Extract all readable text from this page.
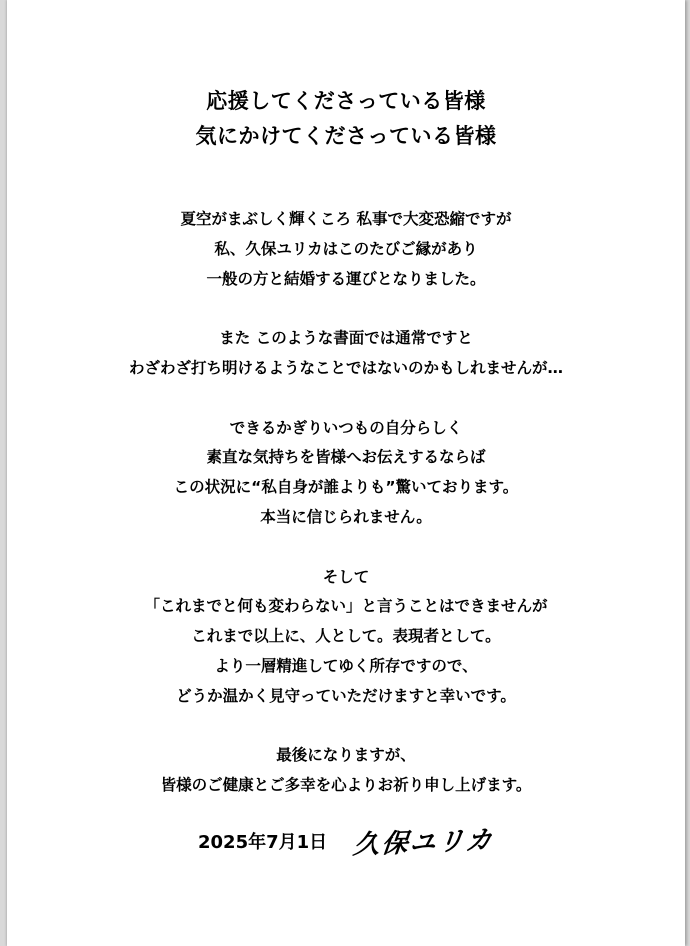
応援してくださっている皆様
気にかけてくださっている皆様
夏空がまぶしく輝くころ 私事で大変恐縮ですが
私、久保ユリカはこのたびご縁があり
一般の方と結婚する運びとなりました。
また このような書面では通常ですと
わざわざ打ち明けるようなことではないのかもしれませんが…
できるかぎりいつもの自分らしく
素直な気持ちを皆様へお伝えするならば
この状況に“私自身が誰よりも”驚いております。
本当に信じられません。
そして
「これまでと何も変わらない」と言うことはできませんが
これまで以上に、人として。表現者として。
より一層精進してゆく所存ですので、
どうか温かく見守っていただけますと幸いです。
最後になりますが、
皆様のご健康とご多幸を心よりお祈り申し上げます。
2025年7月1日 久保ユリカ
